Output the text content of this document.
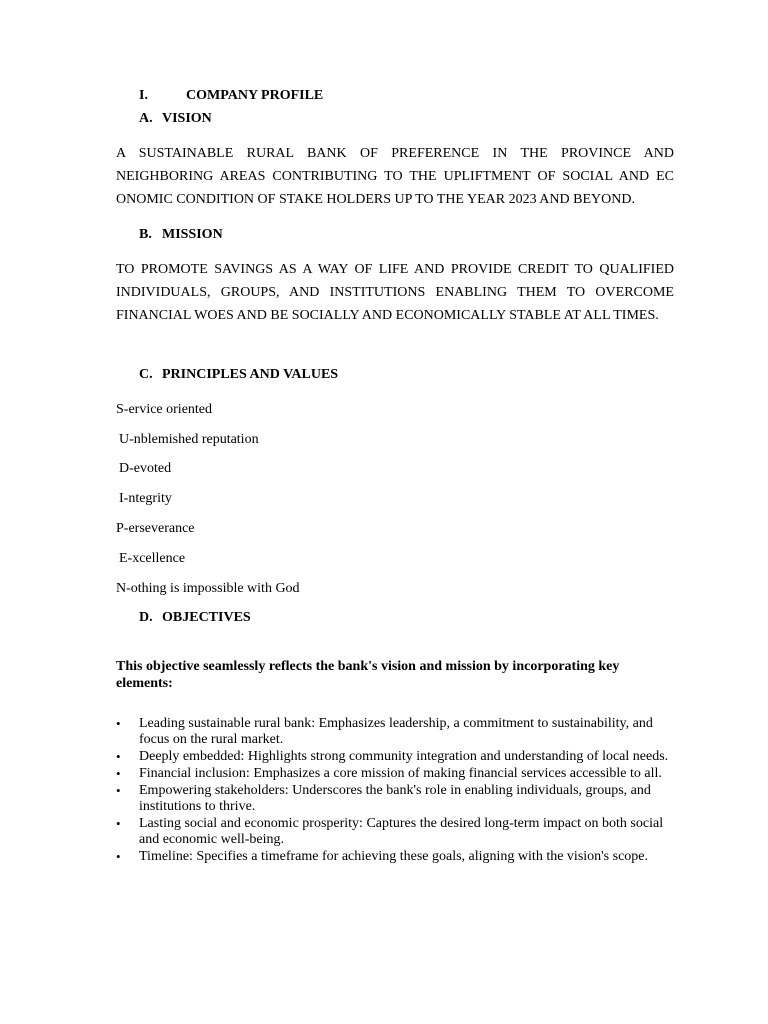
I.	COMPANY PROFILE
A. VISION
A SUSTAINABLE RURAL BANK OF PREFERENCE IN THE PROVINCE AND NEIGHBORING AREAS CONTRIBUTING TO THE UPLIFTMENT OF SOCIAL AND EC ONOMIC CONDITION OF STAKE HOLDERS UP TO THE YEAR 2023 AND BEYOND.
B. MISSION
TO PROMOTE SAVINGS AS A WAY OF LIFE AND PROVIDE CREDIT TO QUALIFIED INDIVIDUALS, GROUPS, AND INSTITUTIONS ENABLING THEM TO OVERCOME FINANCIAL WOES AND BE SOCIALLY AND ECONOMICALLY STABLE AT ALL TIMES.
C. PRINCIPLES AND VALUES
S-ervice oriented
U-nblemished reputation
D-evoted
I-ntegrity
P-erseverance
E-xcellence
N-othing is impossible with God
D. OBJECTIVES
This objective seamlessly reflects the bank's vision and mission by incorporating key elements:
•	Leading sustainable rural bank: Emphasizes leadership, a commitment to sustainability, and focus on the rural market.
•	Deeply embedded: Highlights strong community integration and understanding of local needs.
•	Financial inclusion: Emphasizes a core mission of making financial services accessible to all.
•	Empowering stakeholders: Underscores the bank's role in enabling individuals, groups, and institutions to thrive.
•	Lasting social and economic prosperity: Captures the desired long-term impact on both social and economic well-being.
•	Timeline: Specifies a timeframe for achieving these goals, aligning with the vision's scope.
